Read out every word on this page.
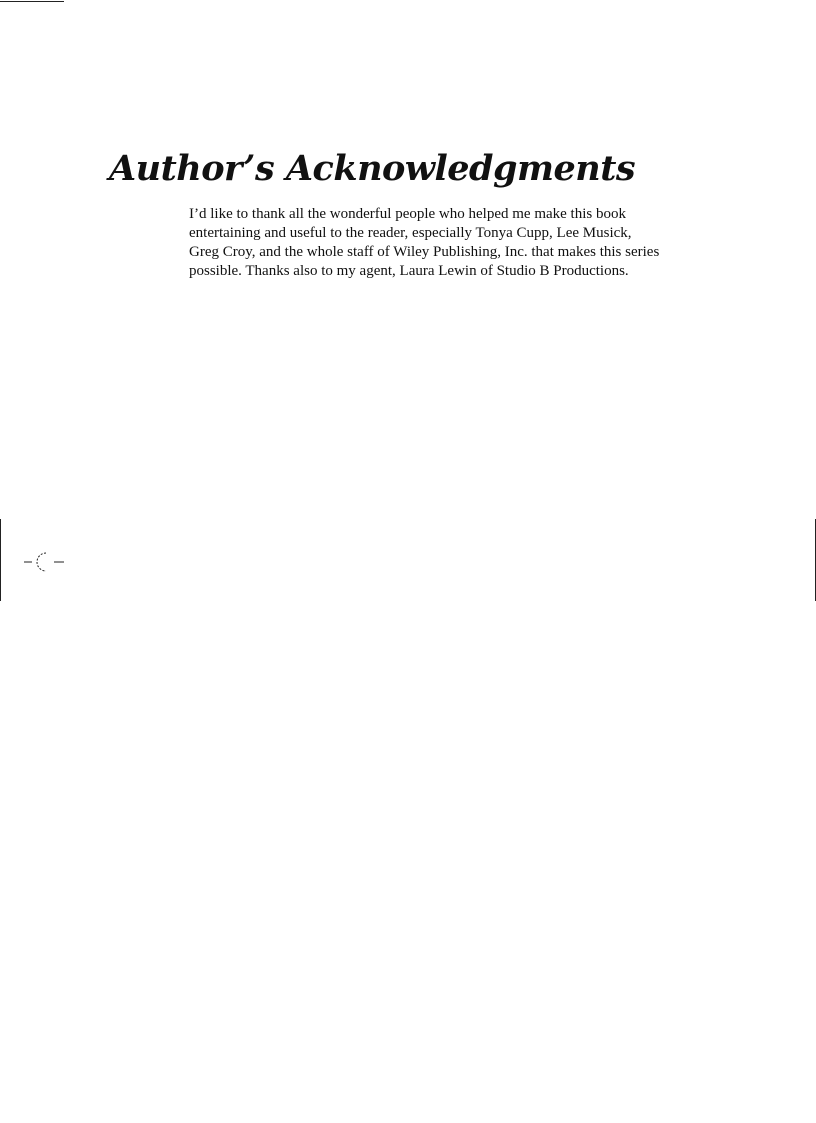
Author’s Acknowledgments

I’d like to thank all the wonderful people who helped me make this book
entertaining and useful to the reader, especially Tonya Cupp, Lee Musick,
Greg Croy, and the whole staff of Wiley Publishing, Inc. that makes this series
possible. Thanks also to my agent, Laura Lewin of Studio B Productions.
